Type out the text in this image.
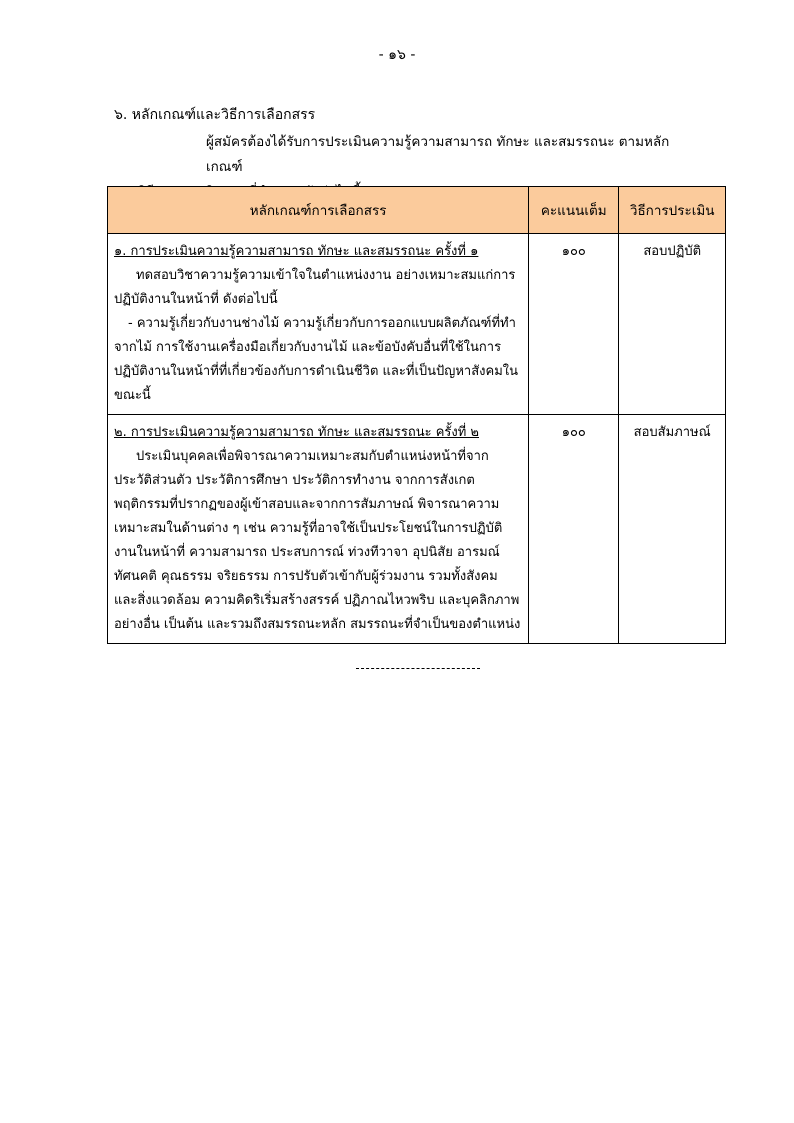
- ๑๖ -
๖. หลักเกณฑ์และวิธีการเลือกสรร
ผู้สมัครต้องได้รับการประเมินความรู้ความสามารถ ทักษะ และสมรรถนะ ตามหลักเกณฑ์
หลักเกณฑ์การเลือกสรร	คะแนนเต็ม	วิธีการประเมิน

๑. การประเมินความรู้ความสามารถ ทักษะ และสมรรถนะ ครั้งที่ ๑
ทดสอบวิชาความรู้ความเข้าใจในตำแหน่งงาน อย่างเหมาะสมแก่การปฏิบัติงานในหน้าที่ ดังต่อไปนี้
- ความรู้เกี่ยวกับงานช่างไม้ ความรู้เกี่ยวกับการออกแบบผลิตภัณฑ์ที่ทำจากไม้ การใช้งานเครื่องมือเกี่ยวกับงานไม้ และข้อบังคับอื่นที่ใช้ในการปฏิบัติงานในหน้าที่ที่เกี่ยวข้องกับการดำเนินชีวิต และที่เป็นปัญหาสังคมในขณะนี้	๑๐๐	สอบปฏิบัติ

๒. การประเมินความรู้ความสามารถ ทักษะ และสมรรถนะ ครั้งที่ ๒
ประเมินบุคคลเพื่อพิจารณาความเหมาะสมกับตำแหน่งหน้าที่จากประวัติส่วนตัว ประวัติการศึกษา ประวัติการทำงาน จากการสังเกตพฤติกรรมที่ปรากฏของผู้เข้าสอบและจากการสัมภาษณ์ พิจารณาความเหมาะสมในด้านต่าง ๆ เช่น ความรู้ที่อาจใช้เป็นประโยชน์ในการปฏิบัติงานในหน้าที่ ความสามารถ ประสบการณ์ ท่วงทีวาจา อุปนิสัย อารมณ์ ทัศนคติ คุณธรรม จริยธรรม การปรับตัวเข้ากับผู้ร่วมงาน รวมทั้งสังคม และสิ่งแวดล้อม ความคิดริเริ่มสร้างสรรค์ ปฏิภาณไหวพริบ และบุคลิกภาพอย่างอื่น เป็นต้น และรวมถึงสมรรถนะหลัก สมรรถนะที่จำเป็นของตำแหน่ง	๑๐๐	สอบสัมภาษณ์
